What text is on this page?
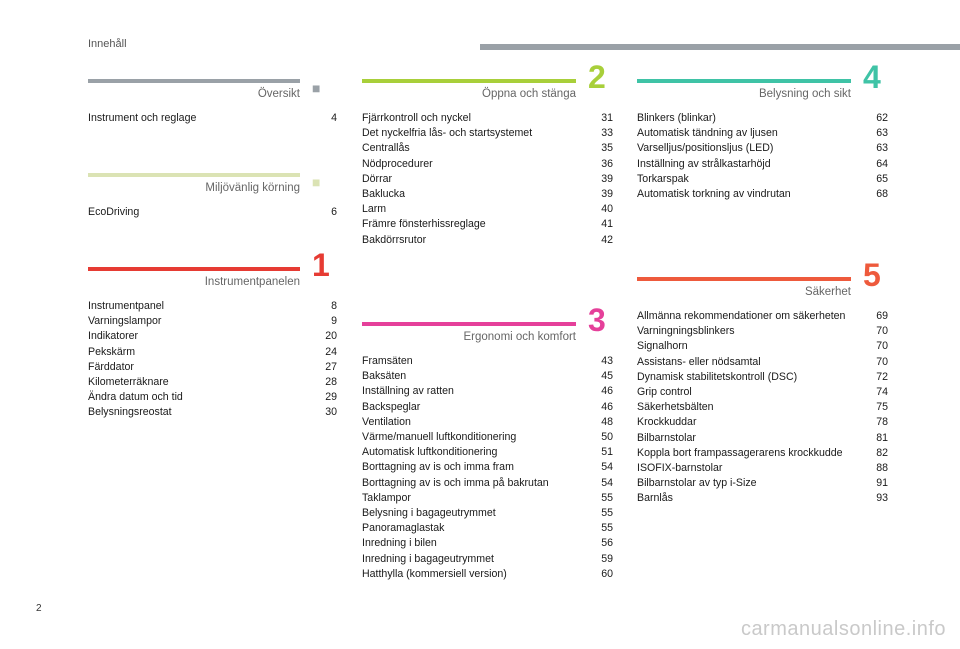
Innehåll
Översikt ■
Instrument och reglage	4
Miljövänlig körning ■
EcoDriving	6
Instrumentpanelen 1
Instrumentpanel	8
Varningslampor	9
Indikatorer	20
Pekskärm	24
Färddator	27
Kilometerräknare	28
Ändra datum och tid	29
Belysningsreostat	30
Öppna och stänga 2
Fjärrkontroll och nyckel	31
Det nyckelfria lås- och startsystemet	33
Centrallås	35
Nödprocedurer	36
Dörrar	39
Baklucka	39
Larm	40
Främre fönsterhissreglage	41
Bakdörrsrutor	42
Ergonomi och komfort 3
Framsäten	43
Baksäten	45
Inställning av ratten	46
Backspeglar	46
Ventilation	48
Värme/manuell luftkonditionering	50
Automatisk luftkonditionering	51
Borttagning av is och imma fram	54
Borttagning av is och imma på bakrutan	54
Taklampor	55
Belysning i bagageutrymmet	55
Panoramaglastak	55
Inredning i bilen	56
Inredning i bagageutrymmet	59
Hatthylla (kommersiell version)	60
Belysning och sikt 4
Blinkers (blinkar)	62
Automatisk tändning av ljusen	63
Varselljus/positionsljus (LED)	63
Inställning av strålkastarhöjd	64
Torkarspak	65
Automatisk torkning av vindrutan	68
Säkerhet 5
Allmänna rekommendationer om säkerheten	69
Varningningsblinkers	70
Signalhorn	70
Assistans- eller nödsamtal	70
Dynamisk stabilitetskontroll (DSC)	72
Grip control	74
Säkerhetsbälten	75
Krockkuddar	78
Bilbarnstolar	81
Koppla bort frampassagerarens krockkudde	82
ISOFIX-barnstolar	88
Bilbarnstolar av typ i-Size	91
Barnlås	93
2
carmanualsonline.info
